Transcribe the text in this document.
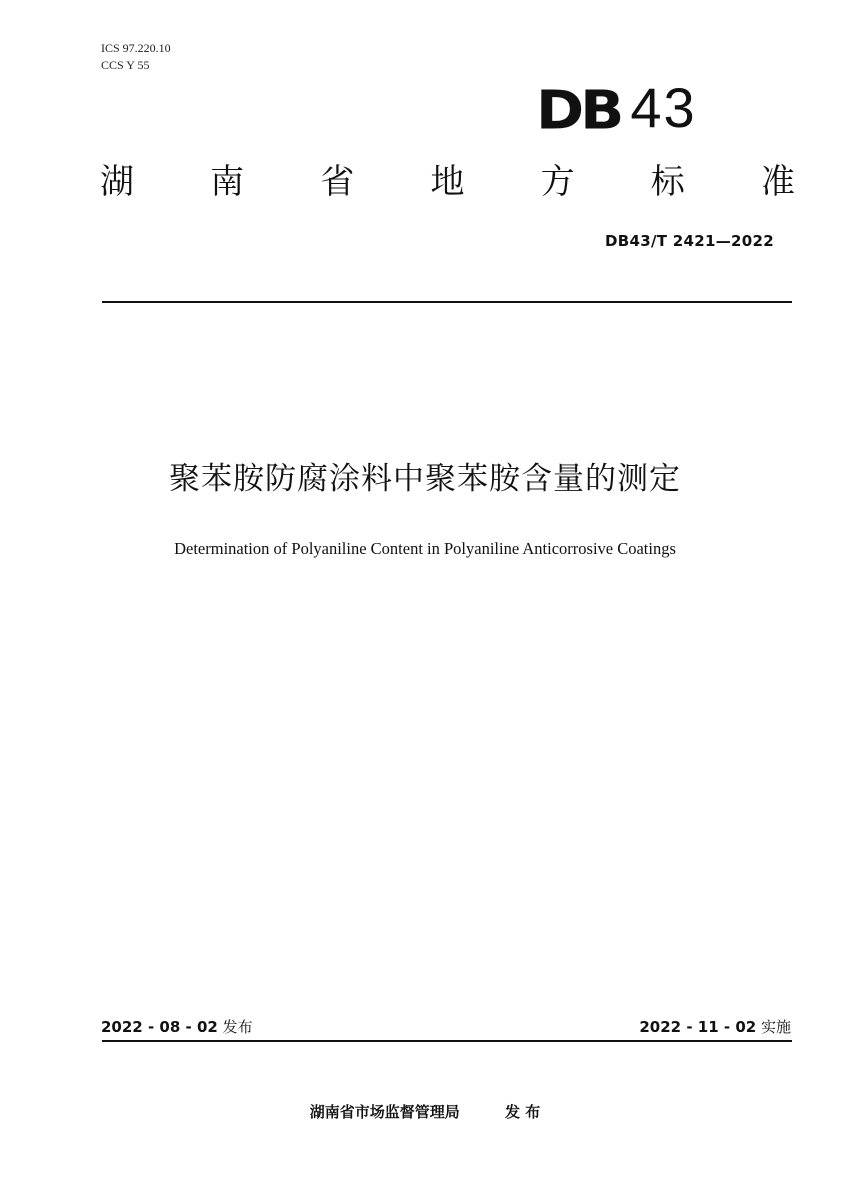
ICS 97.220.10
CCS Y 55
DB 43
湖 南 省 地 方 标 准
DB43/T 2421—2022
聚苯胺防腐涂料中聚苯胺含量的测定
Determination of Polyaniline Content in Polyaniline Anticorrosive Coatings
2022 - 08 - 02 发布	2022 - 11 - 02 实施
湖南省市场监督管理局	发 布
